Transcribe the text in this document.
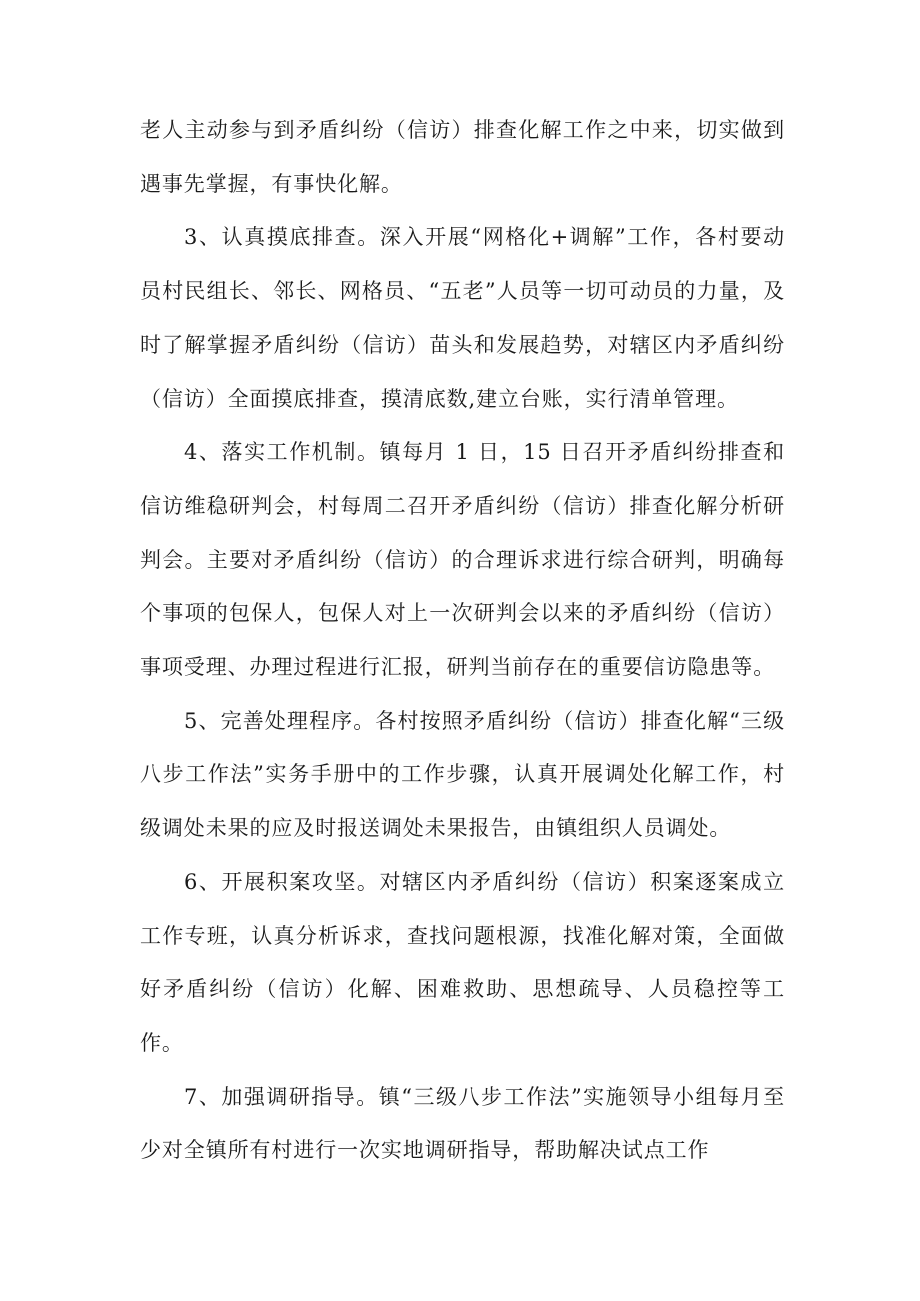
老人主动参与到矛盾纠纷（信访）排查化解工作之中来，切实做到遇事先掌握，有事快化解。

3、认真摸底排查。深入开展“网格化+调解”工作，各村要动员村民组长、邻长、网格员、“五老”人员等一切可动员的力量，及时了解掌握矛盾纠纷（信访）苗头和发展趋势，对辖区内矛盾纠纷（信访）全面摸底排查，摸清底数,建立台账，实行清单管理。

4、落实工作机制。镇每月 1 日，15 日召开矛盾纠纷排查和信访维稳研判会，村每周二召开矛盾纠纷（信访）排查化解分析研判会。主要对矛盾纠纷（信访）的合理诉求进行综合研判，明确每个事项的包保人，包保人对上一次研判会以来的矛盾纠纷（信访）事项受理、办理过程进行汇报，研判当前存在的重要信访隐患等。

5、完善处理程序。各村按照矛盾纠纷（信访）排查化解“三级八步工作法”实务手册中的工作步骤，认真开展调处化解工作，村级调处未果的应及时报送调处未果报告，由镇组织人员调处。

6、开展积案攻坚。对辖区内矛盾纠纷（信访）积案逐案成立工作专班，认真分析诉求，查找问题根源，找准化解对策，全面做好矛盾纠纷（信访）化解、困难救助、思想疏导、人员稳控等工作。

7、加强调研指导。镇“三级八步工作法”实施领导小组每月至少对全镇所有村进行一次实地调研指导，帮助解决试点工作
